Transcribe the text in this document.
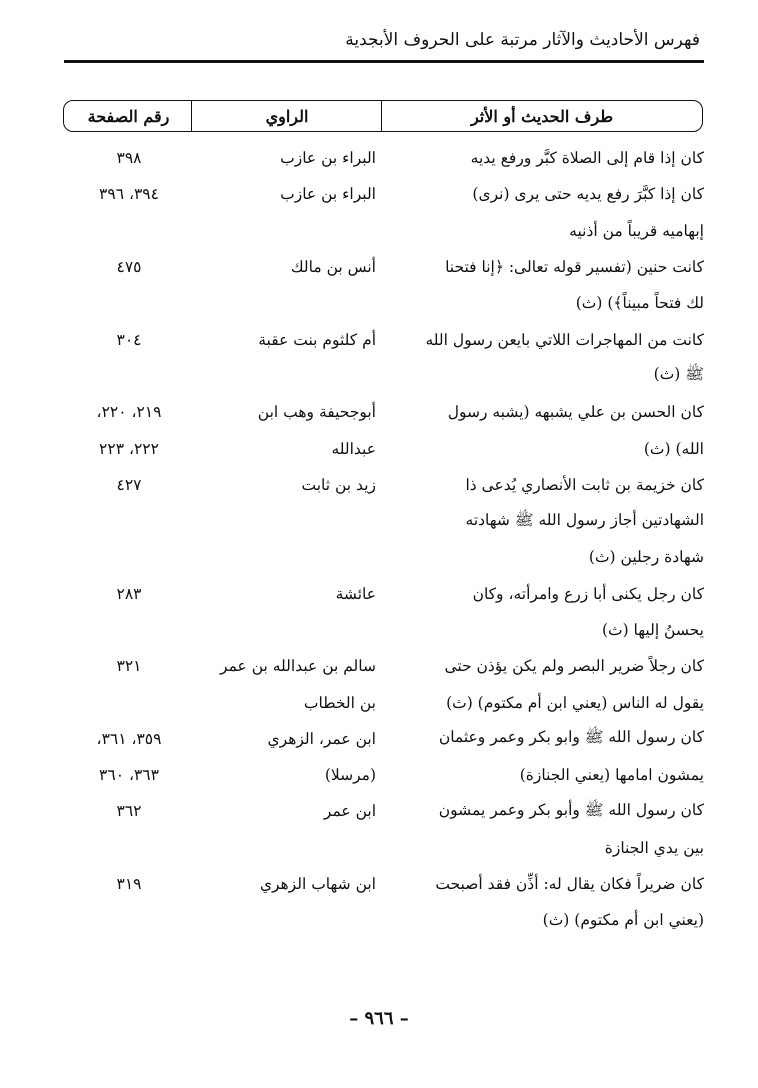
فهرس الأحاديث والآثار مرتبة على الحروف الأبجدية
طرف الحديث أو الأثر
الراوي
رقم الصفحة
كان إذا قام إلى الصلاة كبَّر ورفع يديه
البراء بن عازب
٣٩٨
كان إذا كبَّرَ رفع يديه حتى يرى (نرى)
البراء بن عازب
٣٩٤، ٣٩٦
إبهاميه قريباً من أذنيه
كانت حنين (تفسير قوله تعالى: ﴿إنا فتحنا
أنس بن مالك
٤٧٥
لك فتحاً مبيناً﴾) (ث)
كانت من المهاجرات اللاتي بايعن رسول الله
أم كلثوم بنت عقبة
٣٠٤
ﷺ (ث)
كان الحسن بن علي يشبهه (يشبه رسول
أبوجحيفة وهب ابن
٢١٩، ٢٢٠،
الله) (ث)
عبدالله
٢٢٢، ٢٢٣
كان خزيمة بن ثابت الأنصاري يُدعى ذا
زيد بن ثابت
٤٢٧
الشهادتين أجاز رسول الله ﷺ شهادته
شهادة رجلين (ث)
كان رجل يكنى أبا زرع وامرأته، وكان
عائشة
٢٨٣
يحسنُ إليها (ث)
كان رجلاً ضرير البصر ولم يكن يؤذن حتى
سالم بن عبدالله بن عمر
٣٢١
يقول له الناس (يعني ابن أم مكتوم) (ث)
بن الخطاب
كان رسول الله ﷺ وابو بكر وعمر وعثمان
ابن عمر، الزهري
٣٥٩، ٣٦١،
يمشون امامها (يعني الجنازة)
(مرسلا)
٣٦٣، ٣٦٠
كان رسول الله ﷺ وأبو بكر وعمر يمشون
ابن عمر
٣٦٢
بين يدي الجنازة
كان ضريراً فكان يقال له: أذِّن فقد أصبحت
ابن شهاب الزهري
٣١٩
(يعني ابن أم مكتوم) (ث)
– ٩٦٦ –
